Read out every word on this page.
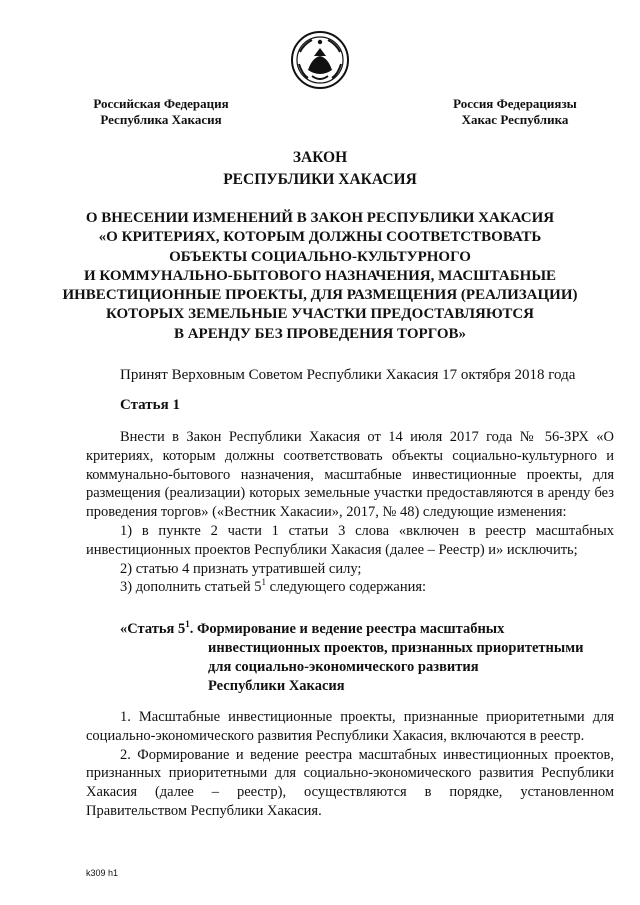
Российская Федерация
Республика Хакасия
Россия Федерациязы
Хакас Республика
ЗАКОН
РЕСПУБЛИКИ ХАКАСИЯ
О ВНЕСЕНИИ ИЗМЕНЕНИЙ В ЗАКОН РЕСПУБЛИКИ ХАКАСИЯ
«О КРИТЕРИЯХ, КОТОРЫМ ДОЛЖНЫ СООТВЕТСТВОВАТЬ
ОБЪЕКТЫ СОЦИАЛЬНО-КУЛЬТУРНОГО
И КОММУНАЛЬНО-БЫТОВОГО НАЗНАЧЕНИЯ, МАСШТАБНЫЕ
ИНВЕСТИЦИОННЫЕ ПРОЕКТЫ, ДЛЯ РАЗМЕЩЕНИЯ (РЕАЛИЗАЦИИ)
КОТОРЫХ ЗЕМЕЛЬНЫЕ УЧАСТКИ ПРЕДОСТАВЛЯЮТСЯ
В АРЕНДУ БЕЗ ПРОВЕДЕНИЯ ТОРГОВ»
Принят Верховным Советом Республики Хакасия 17 октября 2018 года
Статья 1

Внести в Закон Республики Хакасия от 14 июля 2017 года № 56-ЗРХ «О критериях, которым должны соответствовать объекты социально-культурного и коммунально-бытового назначения, масштабные инвестиционные проекты, для размещения (реализации) которых земельные участки предоставляются в аренду без проведения торгов» («Вестник Хакасии», 2017, № 48) следующие изменения:

1) в пункте 2 части 1 статьи 3 слова «включен в реестр масштабных инвестиционных проектов Республики Хакасия (далее – Реестр) и» исключить;

2) статью 4 признать утратившей силу;

3) дополнить статьей $5^1$ следующего содержания:

«Статья $5^1$. Формирование и ведение реестра масштабных
инвестиционных проектов, признанных приоритетными
для социально-экономического развития
Республики Хакасия

1. Масштабные инвестиционные проекты, признанные приоритетными для социально-экономического развития Республики Хакасия, включаются в реестр.

2. Формирование и ведение реестра масштабных инвестиционных проектов, признанных приоритетными для социально-экономического развития Республики Хакасия (далее – реестр), осуществляются в порядке, установленном Правительством Республики Хакасия.

k309 h1
